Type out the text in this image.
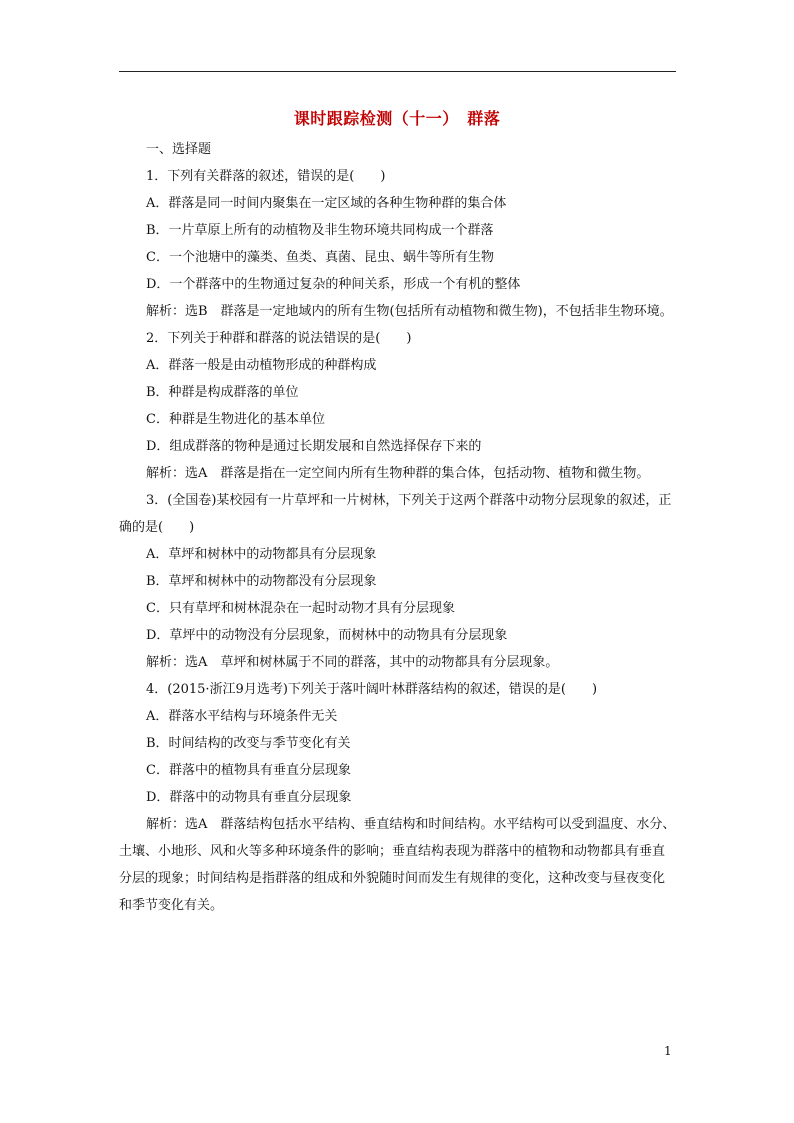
课时跟踪检测（十一）　群落
一、选择题
1．下列有关群落的叙述，错误的是(　　)
A．群落是同一时间内聚集在一定区域的各种生物种群的集合体
B．一片草原上所有的动植物及非生物环境共同构成一个群落
C．一个池塘中的藻类、鱼类、真菌、昆虫、蜗牛等所有生物
D．一个群落中的生物通过复杂的种间关系，形成一个有机的整体
解析：选B　群落是一定地域内的所有生物(包括所有动植物和微生物)，不包括非生物环境。
2．下列关于种群和群落的说法错误的是(　　)
A．群落一般是由动植物形成的种群构成
B．种群是构成群落的单位
C．种群是生物进化的基本单位
D．组成群落的物种是通过长期发展和自然选择保存下来的
解析：选A　群落是指在一定空间内所有生物种群的集合体，包括动物、植物和微生物。
3．(全国卷)某校园有一片草坪和一片树林，下列关于这两个群落中动物分层现象的叙述，正确的是(　　)
A．草坪和树林中的动物都具有分层现象
B．草坪和树林中的动物都没有分层现象
C．只有草坪和树林混杂在一起时动物才具有分层现象
D．草坪中的动物没有分层现象，而树林中的动物具有分层现象
解析：选A　草坪和树林属于不同的群落，其中的动物都具有分层现象。
4．(2015·浙江9月选考)下列关于落叶阔叶林群落结构的叙述，错误的是(　　)
A．群落水平结构与环境条件无关
B．时间结构的改变与季节变化有关
C．群落中的植物具有垂直分层现象
D．群落中的动物具有垂直分层现象
解析：选A　群落结构包括水平结构、垂直结构和时间结构。水平结构可以受到温度、水分、土壤、小地形、风和火等多种环境条件的影响；垂直结构表现为群落中的植物和动物都具有垂直分层的现象；时间结构是指群落的组成和外貌随时间而发生有规律的变化，这种改变与昼夜变化和季节变化有关。
1
